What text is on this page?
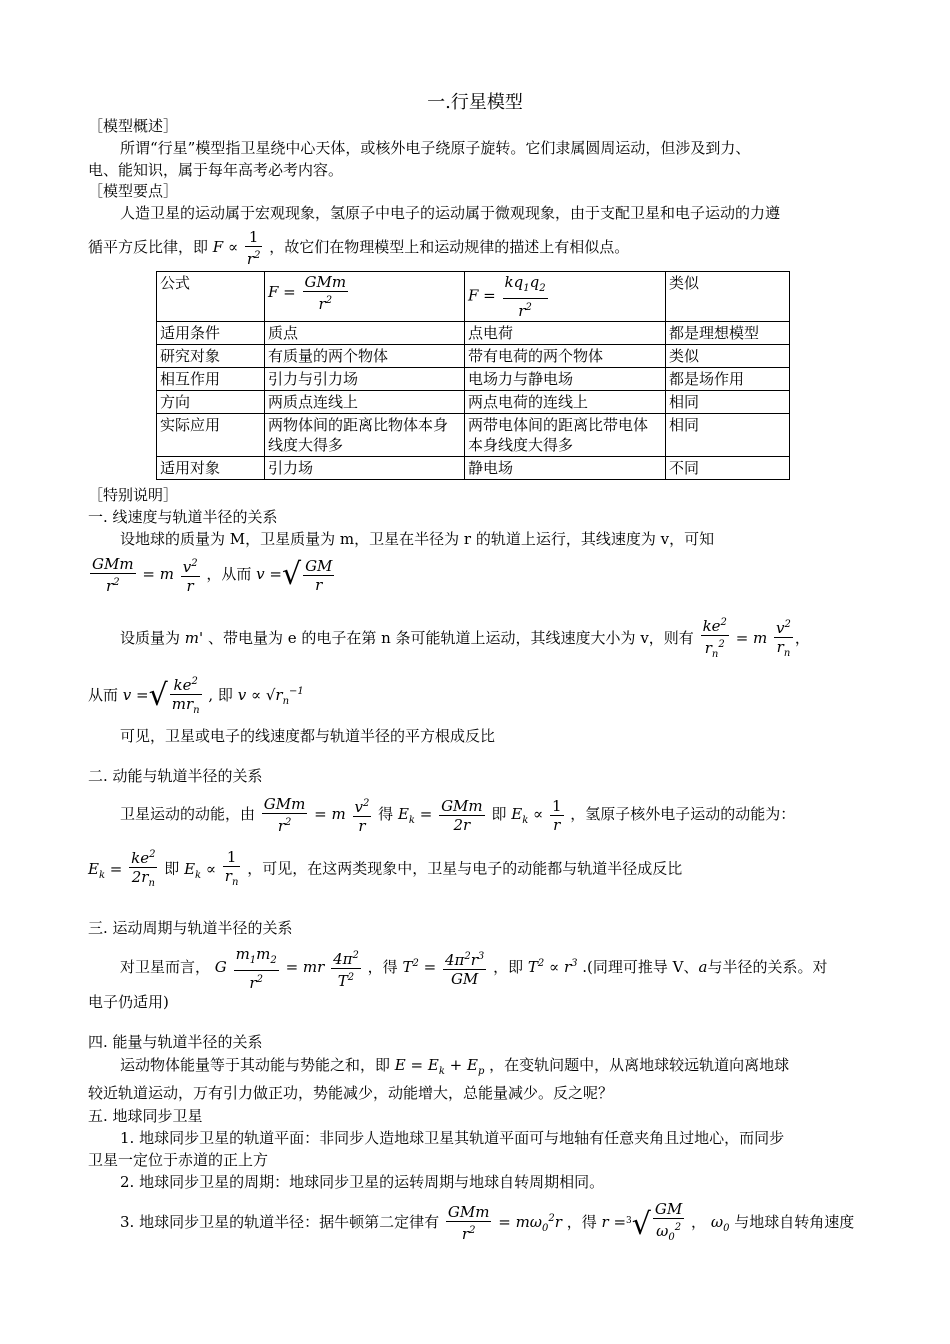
一.行星模型
［模型概述］
所谓“行星”模型指卫星绕中心天体，或核外电子绕原子旋转。它们隶属圆周运动，但涉及到力、
电、能知识，属于每年高考必考内容。
［模型要点］
人造卫星的运动属于宏观现象，氢原子中电子的运动属于微观现象，由于支配卫星和电子运动的力遵
循平方反比律，即 $F \propto \frac{1}{r^2}$ ，故它们在物理模型上和运动规律的描述上有相似点。
公式	$F = \frac{\text{GMm}}{r^2}$	$F = \frac{kq_1q_2}{r^2}$	类似
适用条件	质点	点电荷	都是理想模型
研究对象	有质量的两个物体	带有电荷的两个物体	类似
相互作用	引力与引力场	电场力与静电场	都是场作用
方向	两质点连线上	两点电荷的连线上	相同
实际应用	两物体间的距离比物体本身线度大得多	两带电体间的距离比带电体本身线度大得多	相同
适用对象	引力场	静电场	不同
［特别说明］
一. 线速度与轨道半径的关系
设地球的质量为 M，卫星质量为 m，卫星在半径为 r 的轨道上运行，其线速度为 v，可知
$\frac{\text{GMm}}{r^2} = m \frac{v^2}{r}$ ，从而 v =√ $\frac{GM}{r}$
设质量为 m' 、带电量为 e 的电子在第 n 条可能轨道上运动，其线速度大小为 v，则有 $\frac{ke^2}{r_n^2} = m \frac{v^2}{r_n}$ ，
从而 v =√ $\frac{ke^2}{mr_n}$ , 即 $v \propto √r_n^{-1}$
可见，卫星或电子的线速度都与轨道半径的平方根成反比
二. 动能与轨道半径的关系
卫星运动的动能，由 $\frac{\text{GMm}}{r^2} = m \frac{v^2}{r}$ 得 $E_k = \frac{\text{GMm}}{2r}$ 即 $E_k \propto \frac{1}{r}$ ，氢原子核外电子运动的动能为：
$E_k = \frac{ke^2}{2r_n}$ 即 $E_k \propto \frac{1}{r_n}$ ，可见，在这两类现象中，卫星与电子的动能都与轨道半径成反比
三. 运动周期与轨道半径的关系
对卫星而言， G $\frac{m_1m_2}{r^2}$ = mr $\frac{4\pi^2}{T^2}$ ，得 $T^2 = \frac{4\pi^2r^3}{GM}$ ，即 $T^2 \propto r^3$ .(同理可推导 V、a与半径的关系。对
电子仍适用)
四. 能量与轨道半径的关系
运动物体能量等于其动能与势能之和，即 $E = E_k + E_p$ ，在变轨问题中，从离地球较远轨道向离地球
较近轨道运动，万有引力做正功，势能减少，动能增大，总能量减少。反之呢？
五. 地球同步卫星
1. 地球同步卫星的轨道平面：非同步人造地球卫星其轨道平面可与地轴有任意夹角且过地心，而同步
卫星一定位于赤道的正上方
2. 地球同步卫星的周期：地球同步卫星的运转周期与地球自转周期相同。
3. 地球同步卫星的轨道半径：据牛顿第二定律有 $\frac{\text{GMm}}{r^2} = m\omega_0^2r$ ，得 $r =^3√ \frac{GM}{\omega_0^2}$ ， $\omega_0$ 与地球自转角速度
